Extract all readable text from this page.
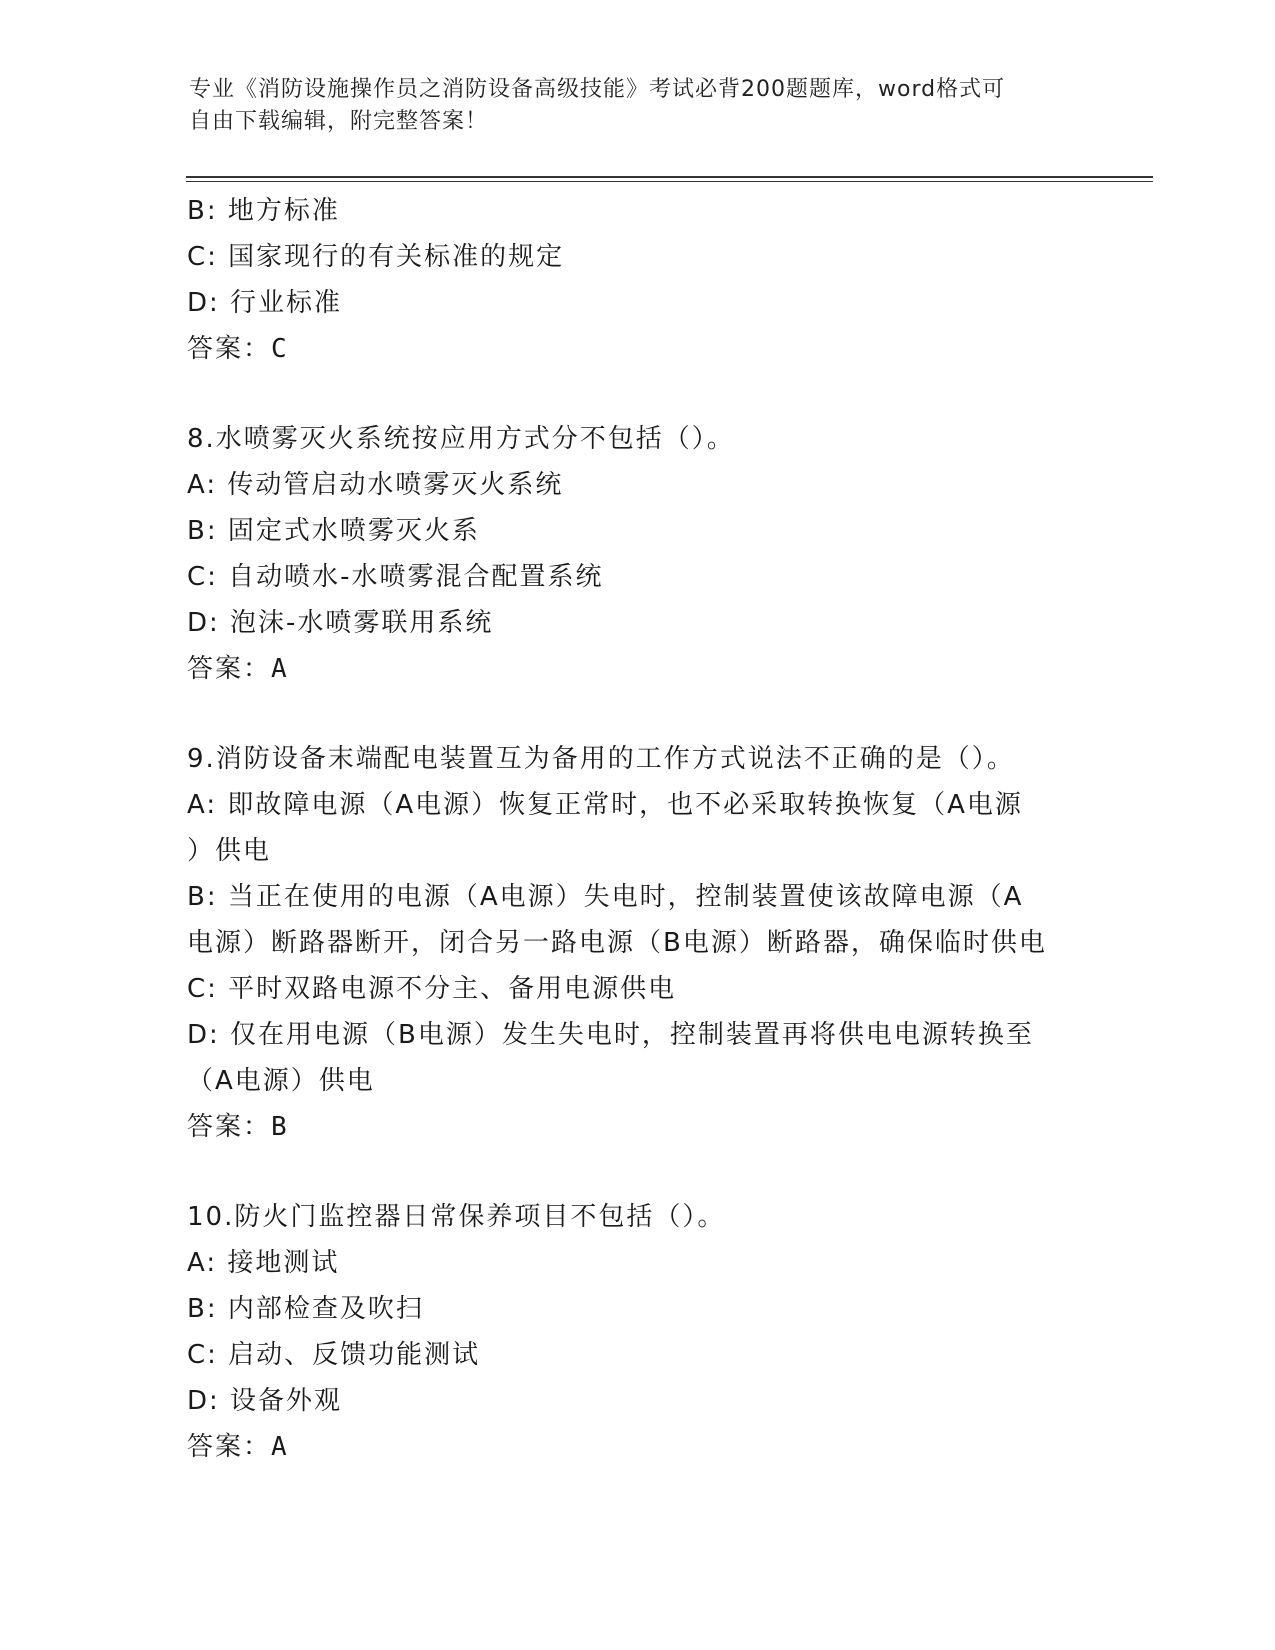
专业《消防设施操作员之消防设备高级技能》考试必背200题题库，word格式可
自由下载编辑，附完整答案！
B: 地方标准
C: 国家现行的有关标准的规定
D: 行业标准
答案：C
8.水喷雾灭火系统按应用方式分不包括（）。
A: 传动管启动水喷雾灭火系统
B: 固定式水喷雾灭火系
C: 自动喷水-水喷雾混合配置系统
D: 泡沫-水喷雾联用系统
答案：A
9.消防设备末端配电装置互为备用的工作方式说法不正确的是（）。
A: 即故障电源（A电源）恢复正常时，也不必采取转换恢复（A电源
）供电
B: 当正在使用的电源（A电源）失电时，控制装置使该故障电源（A
电源）断路器断开，闭合另一路电源（B电源）断路器，确保临时供电
C: 平时双路电源不分主、备用电源供电
D: 仅在用电源（B电源）发生失电时，控制装置再将供电电源转换至
（A电源）供电
答案：B
10.防火门监控器日常保养项目不包括（）。
A: 接地测试
B: 内部检查及吹扫
C: 启动、反馈功能测试
D: 设备外观
答案：A
